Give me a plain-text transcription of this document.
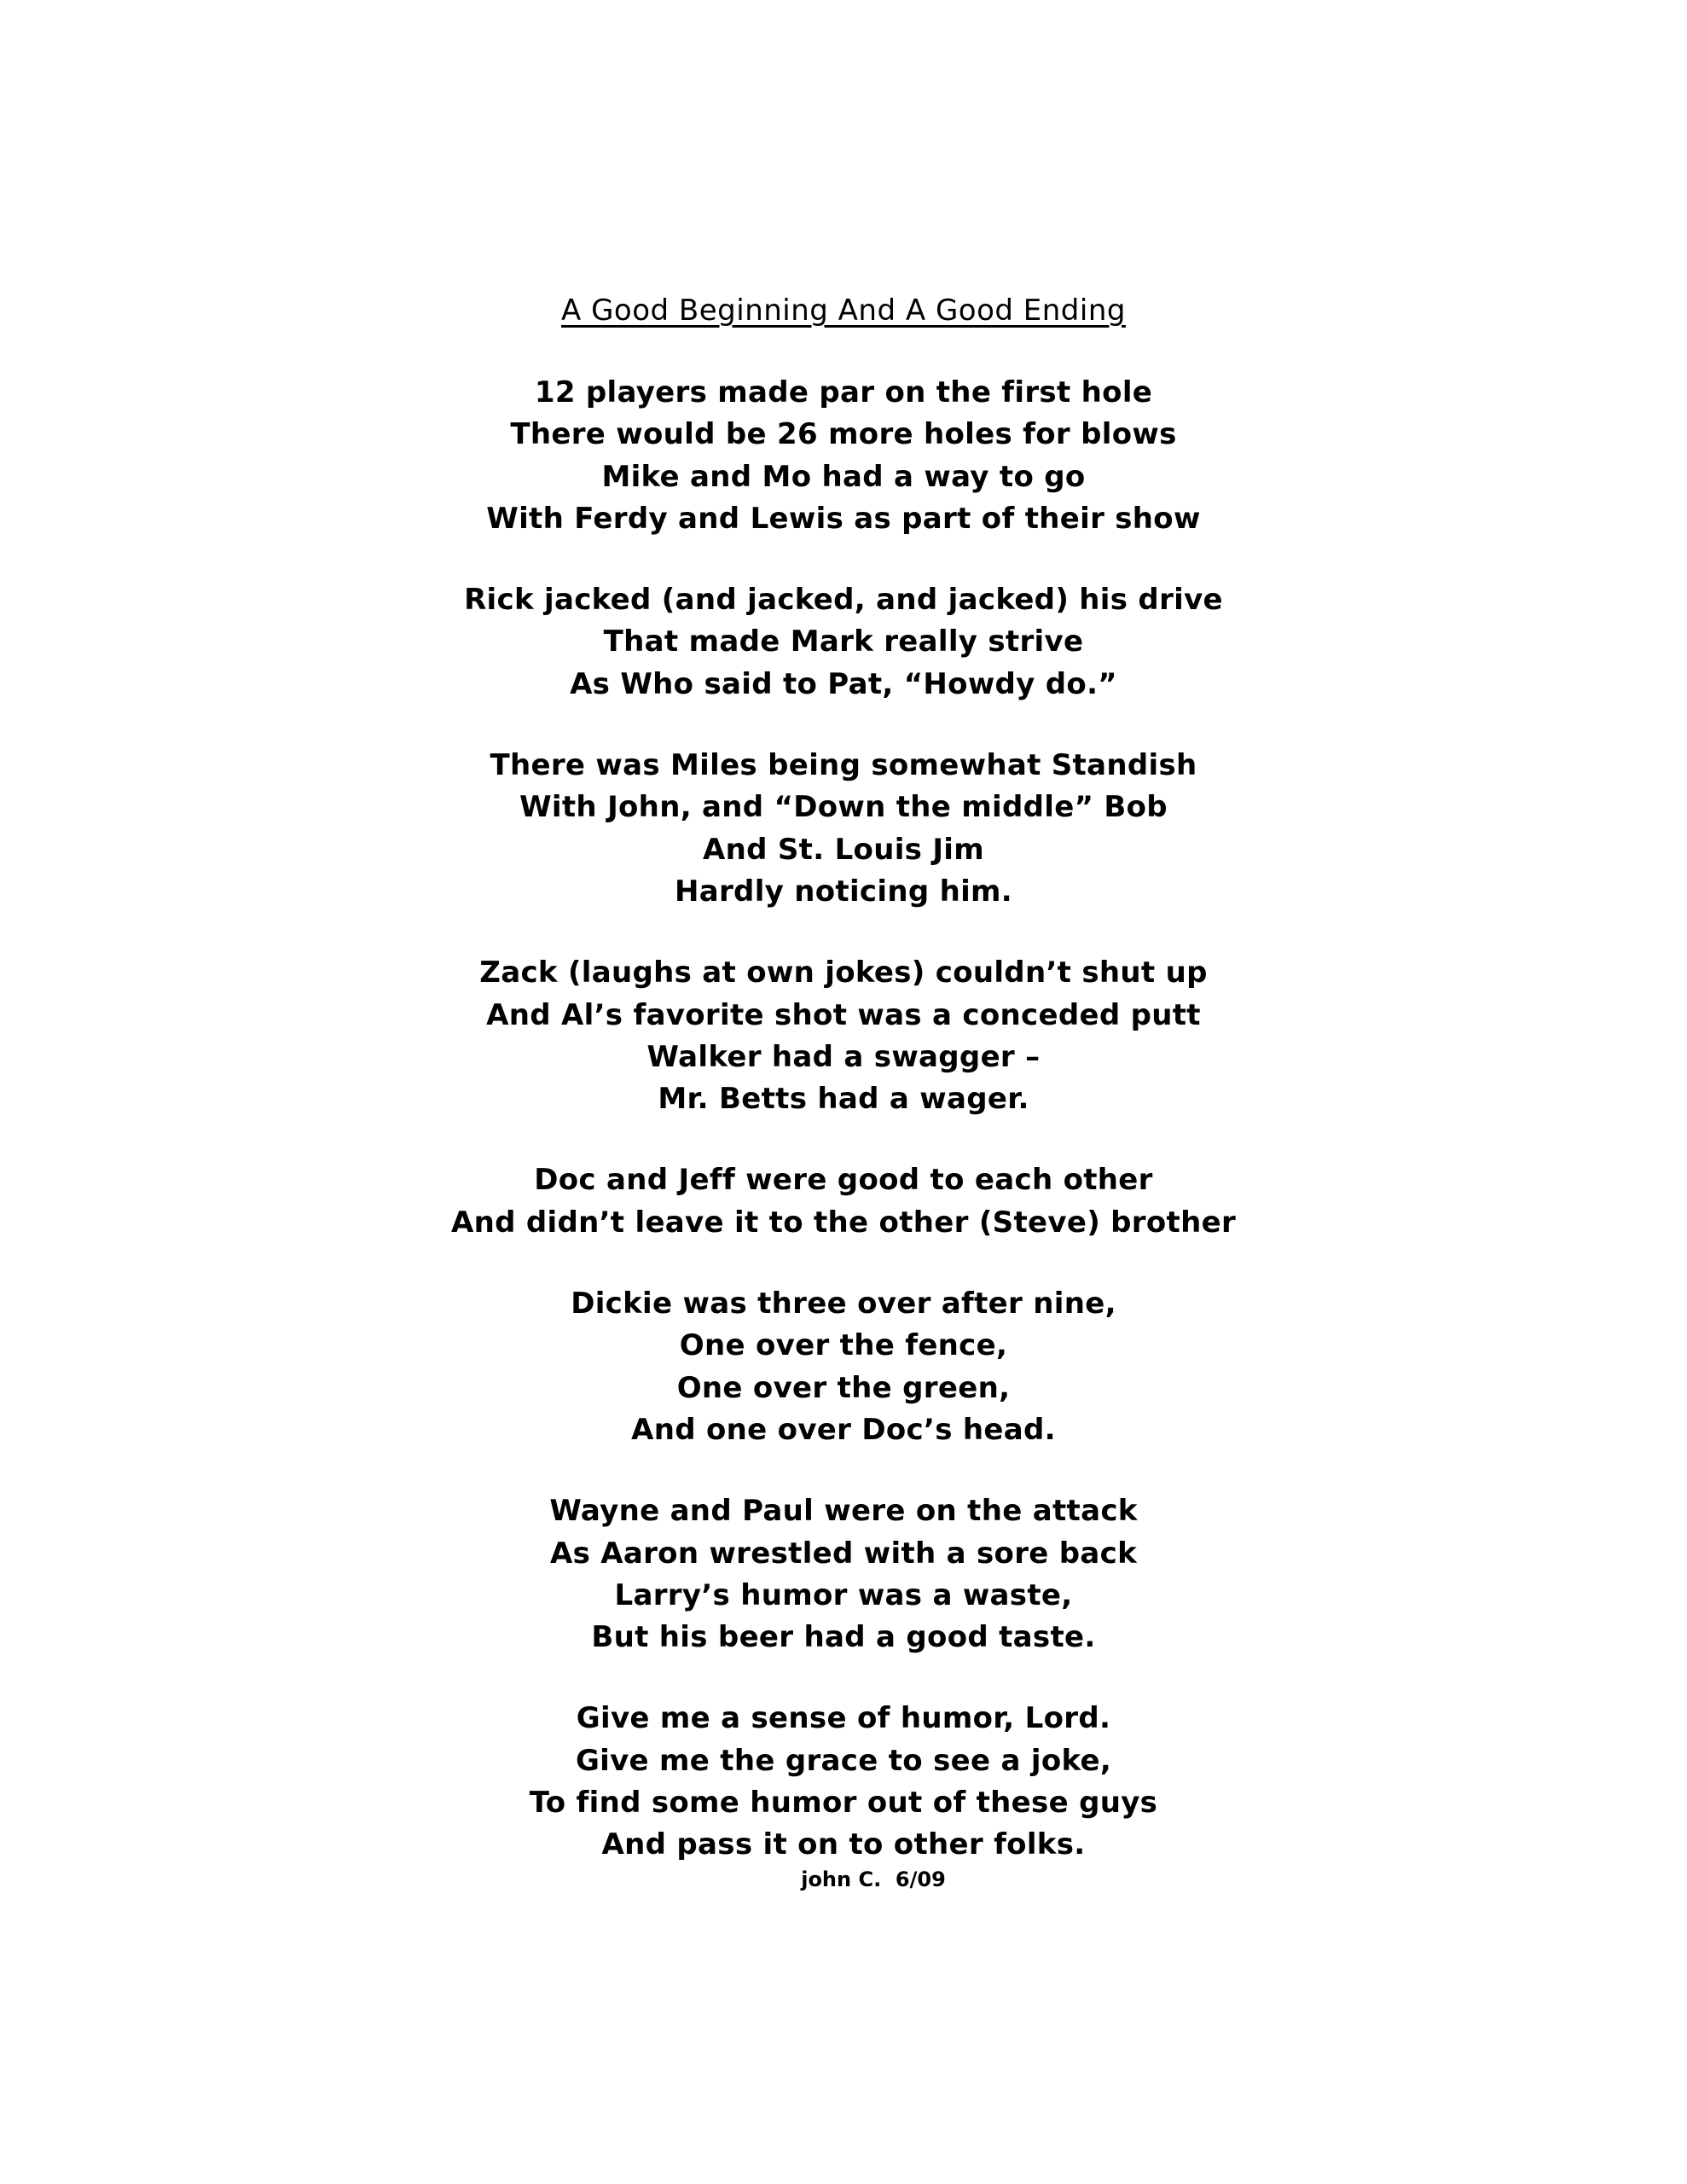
A Good Beginning And A Good Ending
12 players made par on the first hole
There would be 26 more holes for blows
Mike and Mo had a way to go
With Ferdy and Lewis as part of their show
Rick jacked (and jacked, and jacked) his drive
That made Mark really strive
As Who said to Pat, “Howdy do.”
There was Miles being somewhat Standish
With John, and “Down the middle” Bob
And St. Louis Jim
Hardly noticing him.
Zack (laughs at own jokes) couldn’t shut up
And Al’s favorite shot was a conceded putt
Walker had a swagger –
Mr. Betts had a wager.
Doc and Jeff were good to each other
And didn’t leave it to the other (Steve) brother
Dickie was three over after nine,
One over the fence,
One over the green,
And one over Doc’s head.
Wayne and Paul were on the attack
As Aaron wrestled with a sore back
Larry’s humor was a waste,
But his beer had a good taste.
Give me a sense of humor, Lord.
Give me the grace to see a joke,
To find some humor out of these guys
And pass it on to other folks.
john C.  6/09
